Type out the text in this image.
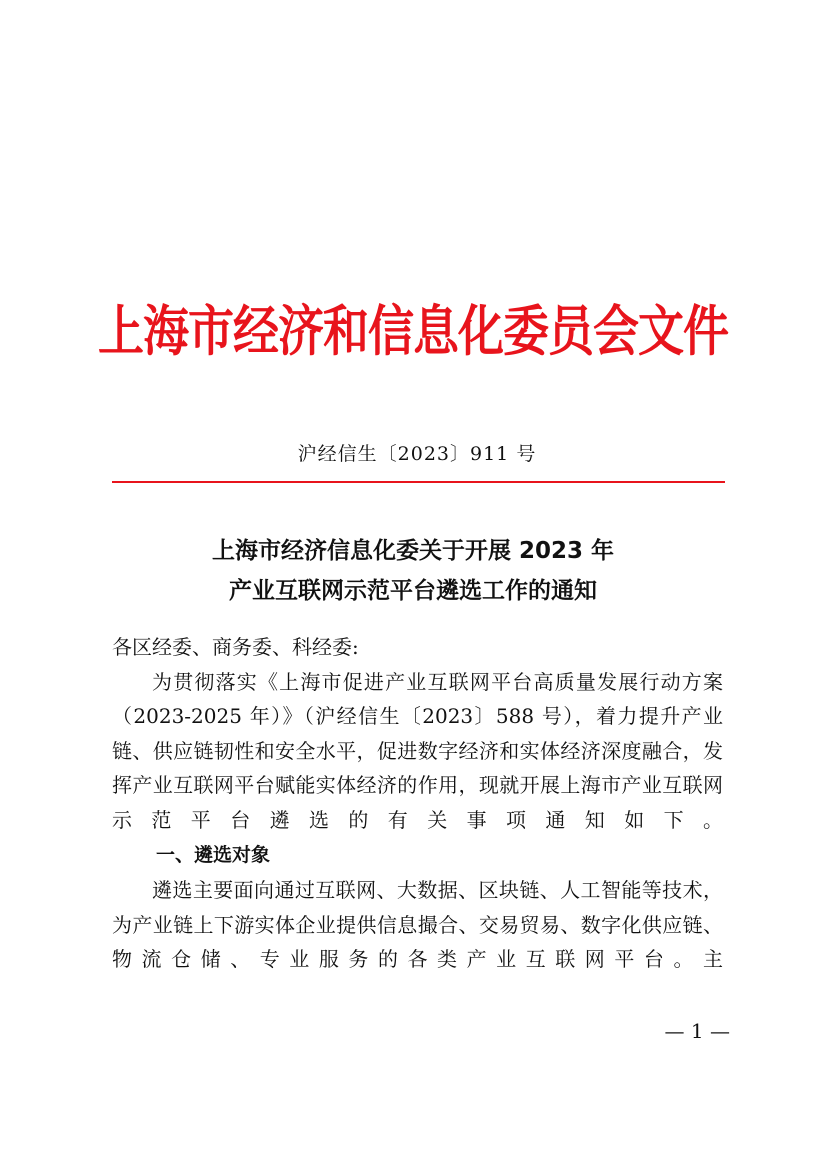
上海市经济和信息化委员会文件
沪经信生〔2023〕911 号
上海市经济信息化委关于开展 2023 年
产业互联网示范平台遴选工作的通知

各区经委、商务委、科经委:

为贯彻落实《上海市促进产业互联网平台高质量发展行动方案（2023-2025 年）》（沪经信生〔2023〕588 号），着力提升产业链、供应链韧性和安全水平，促进数字经济和实体经济深度融合，发挥产业互联网平台赋能实体经济的作用，现就开展上海市产业互联网示范平台遴选的有关事项通知如下。

一、遴选对象

遴选主要面向通过互联网、大数据、区块链、人工智能等技术，为产业链上下游实体企业提供信息撮合、交易贸易、数字化供应链、物流仓储、专业服务的各类产业互联网平台。主

— 1 —
